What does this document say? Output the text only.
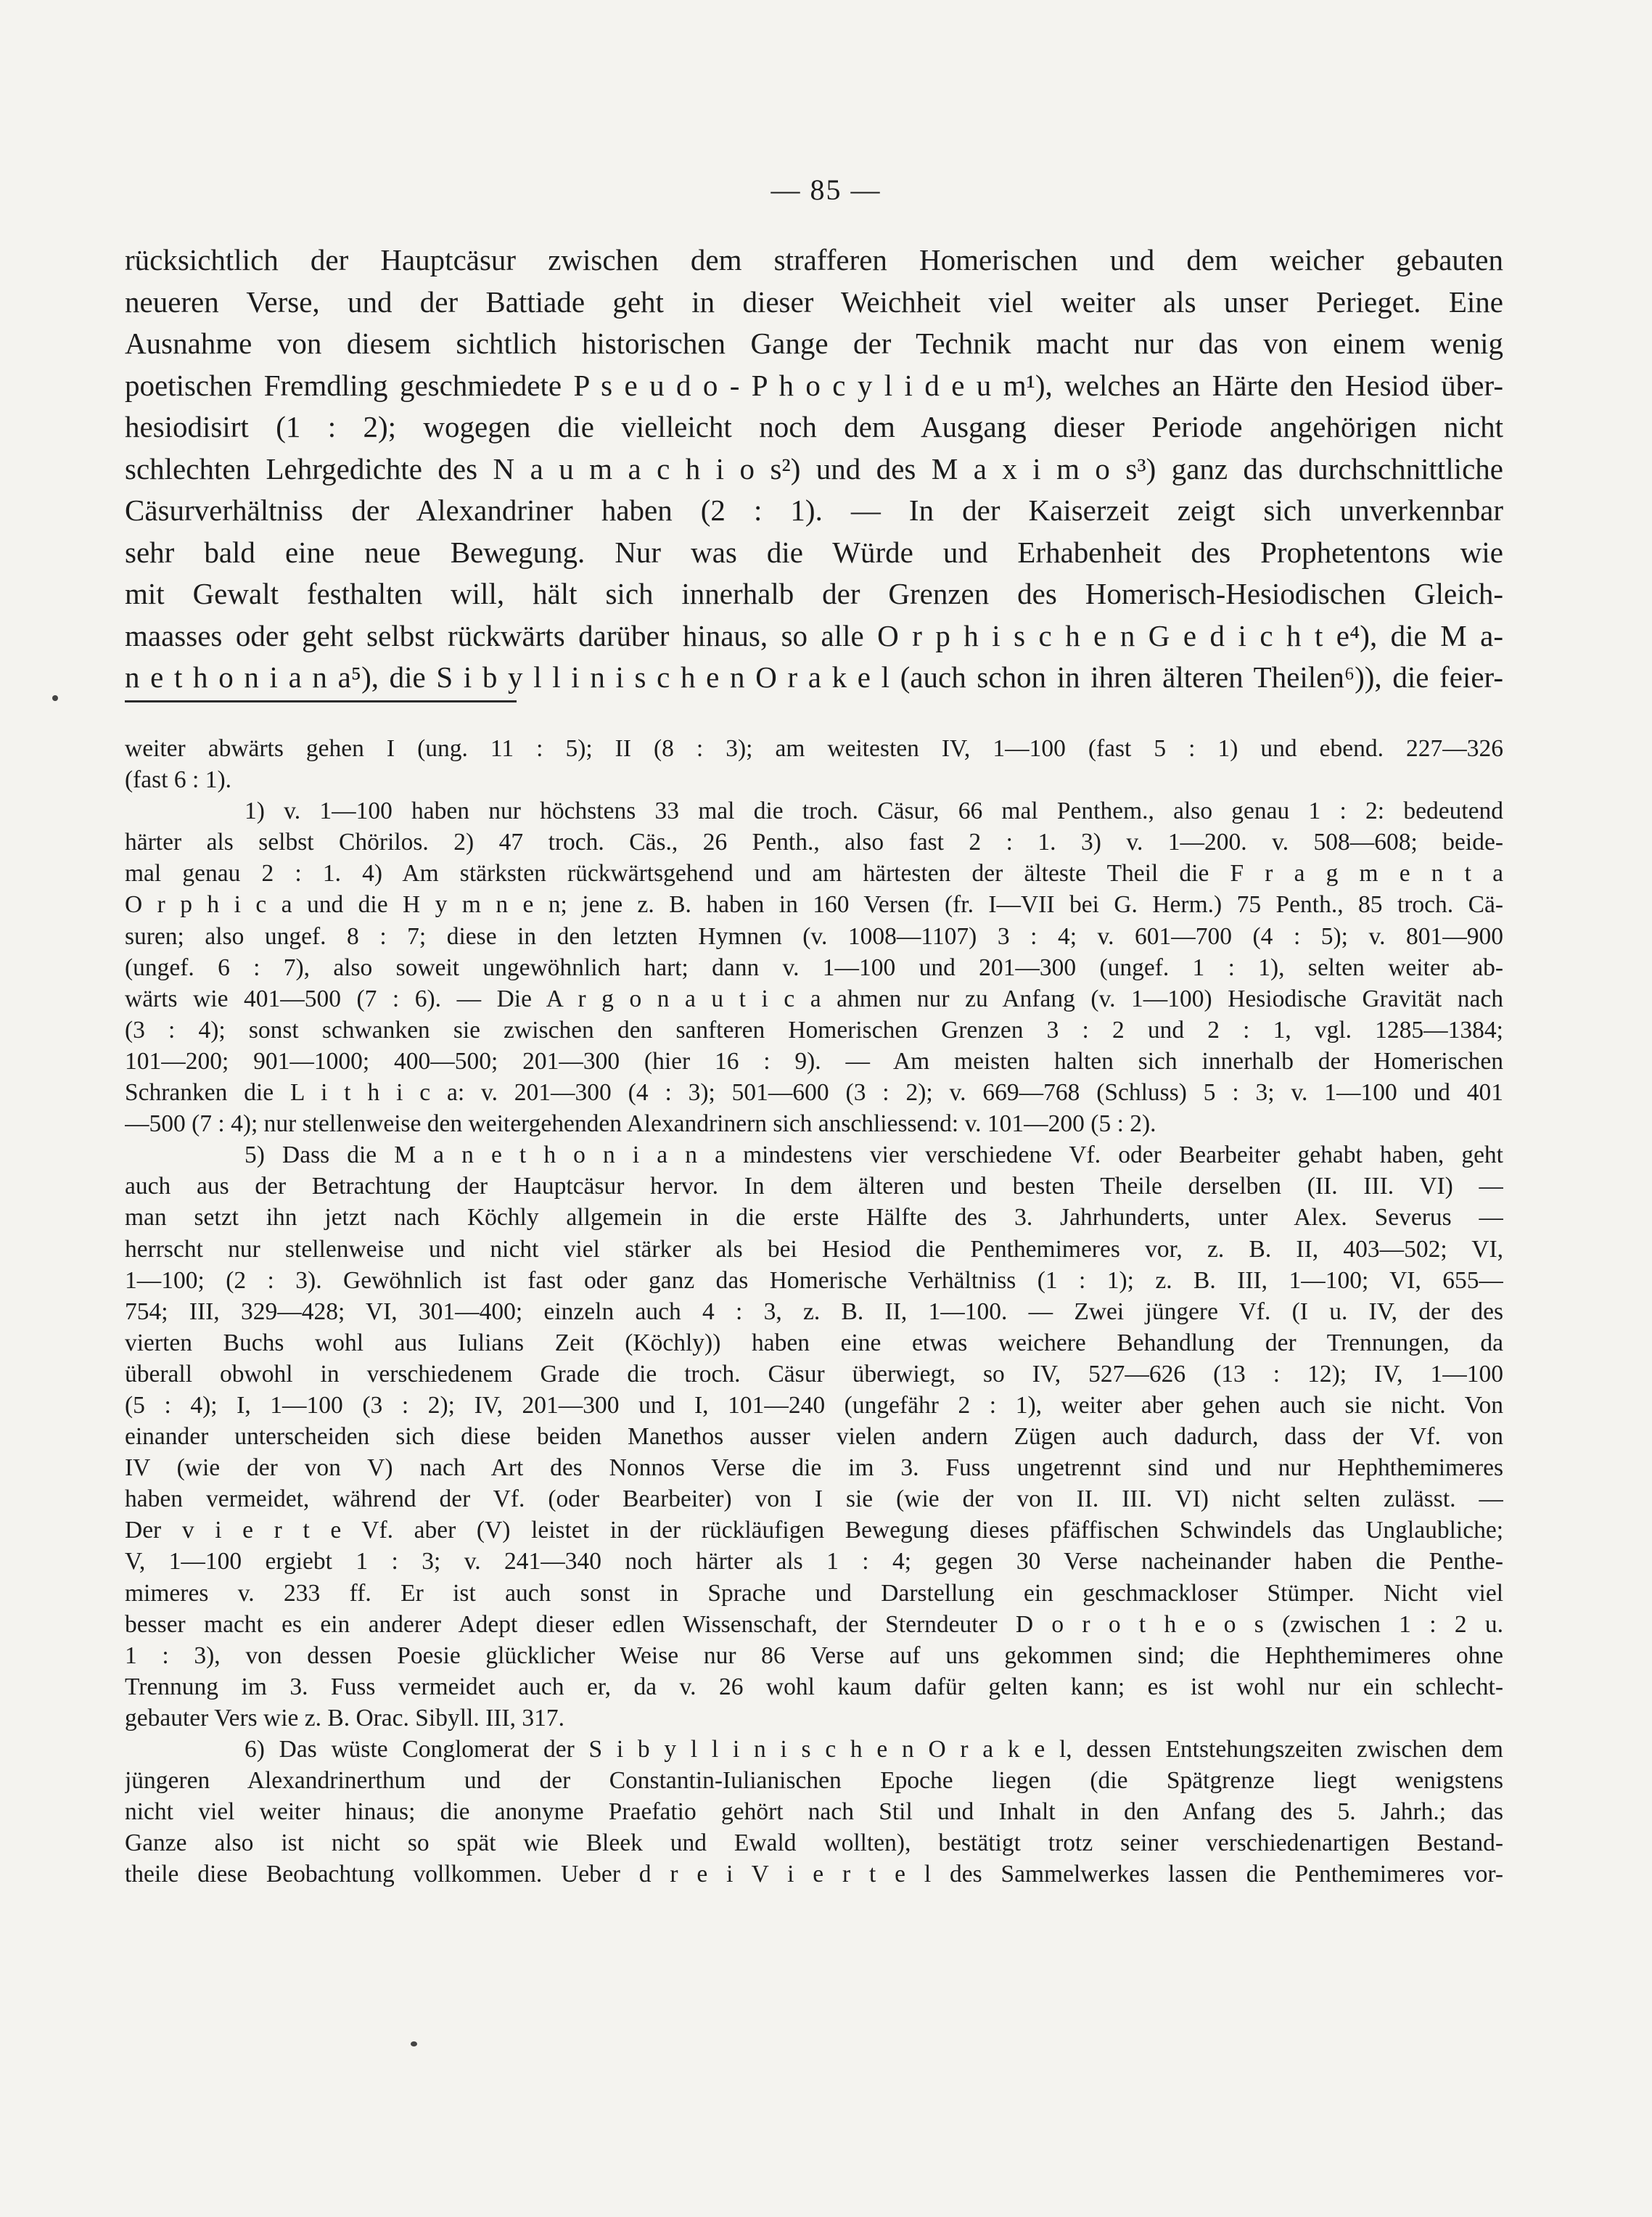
— 85 —
rücksichtlich der Hauptcäsur zwischen dem strafferen Homerischen und dem weicher gebauten
neueren Verse, und der Battiade geht in dieser Weichheit viel weiter als unser Perieget. Eine
Ausnahme von diesem sichtlich historischen Gange der Technik macht nur das von einem wenig
poetischen Fremdling geschmiedete P s e u d o - P h o c y l i d e u m¹), welches an Härte den Hesiod über-
hesiodisirt (1 : 2); wogegen die vielleicht noch dem Ausgang dieser Periode angehörigen nicht
schlechten Lehrgedichte des N a u m a c h i o s²) und des M a x i m o s³) ganz das durchschnittliche
Cäsurverhältniss der Alexandriner haben (2 : 1). — In der Kaiserzeit zeigt sich unverkennbar
sehr bald eine neue Bewegung. Nur was die Würde und Erhabenheit des Prophetentons wie
mit Gewalt festhalten will, hält sich innerhalb der Grenzen des Homerisch-Hesiodischen Gleich-
maasses oder geht selbst rückwärts darüber hinaus, so alle O r p h i s c h e n G e d i c h t e⁴), die M a-
n e t h o n i a n a⁵), die S i b y l l i n i s c h e n O r a k e l (auch schon in ihren älteren Theilen⁶)), die feier-
weiter abwärts gehen I (ung. 11 : 5); II (8 : 3); am weitesten IV, 1—100 (fast 5 : 1) und ebend. 227—326
(fast 6 : 1).
1) v. 1—100 haben nur höchstens 33 mal die troch. Cäsur, 66 mal Penthem., also genau 1 : 2: bedeutend
härter als selbst Chörilos. 2) 47 troch. Cäs., 26 Penth., also fast 2 : 1. 3) v. 1—200. v. 508—608; beide-
mal genau 2 : 1. 4) Am stärksten rückwärtsgehend und am härtesten der älteste Theil die F r a g m e n t a
O r p h i c a und die H y m n e n; jene z. B. haben in 160 Versen (fr. I—VII bei G. Herm.) 75 Penth., 85 troch. Cä-
suren; also ungef. 8 : 7; diese in den letzten Hymnen (v. 1008—1107) 3 : 4; v. 601—700 (4 : 5); v. 801—900
(ungef. 6 : 7), also soweit ungewöhnlich hart; dann v. 1—100 und 201—300 (ungef. 1 : 1), selten weiter ab-
wärts wie 401—500 (7 : 6). — Die A r g o n a u t i c a ahmen nur zu Anfang (v. 1—100) Hesiodische Gravität nach
(3 : 4); sonst schwanken sie zwischen den sanfteren Homerischen Grenzen 3 : 2 und 2 : 1, vgl. 1285—1384;
101—200; 901—1000; 400—500; 201—300 (hier 16 : 9). — Am meisten halten sich innerhalb der Homerischen
Schranken die L i t h i c a: v. 201—300 (4 : 3); 501—600 (3 : 2); v. 669—768 (Schluss) 5 : 3; v. 1—100 und 401
—500 (7 : 4); nur stellenweise den weitergehenden Alexandrinern sich anschliessend: v. 101—200 (5 : 2).
5) Dass die M a n e t h o n i a n a mindestens vier verschiedene Vf. oder Bearbeiter gehabt haben, geht
auch aus der Betrachtung der Hauptcäsur hervor. In dem älteren und besten Theile derselben (II. III. VI) —
man setzt ihn jetzt nach Köchly allgemein in die erste Hälfte des 3. Jahrhunderts, unter Alex. Severus —
herrscht nur stellenweise und nicht viel stärker als bei Hesiod die Penthemimeres vor, z. B. II, 403—502; VI,
1—100; (2 : 3). Gewöhnlich ist fast oder ganz das Homerische Verhältniss (1 : 1); z. B. III, 1—100; VI, 655—
754; III, 329—428; VI, 301—400; einzeln auch 4 : 3, z. B. II, 1—100. — Zwei jüngere Vf. (I u. IV, der des
vierten Buchs wohl aus Iulians Zeit (Köchly)) haben eine etwas weichere Behandlung der Trennungen, da
überall obwohl in verschiedenem Grade die troch. Cäsur überwiegt, so IV, 527—626 (13 : 12); IV, 1—100
(5 : 4); I, 1—100 (3 : 2); IV, 201—300 und I, 101—240 (ungefähr 2 : 1), weiter aber gehen auch sie nicht. Von
einander unterscheiden sich diese beiden Manethos ausser vielen andern Zügen auch dadurch, dass der Vf. von
IV (wie der von V) nach Art des Nonnos Verse die im 3. Fuss ungetrennt sind und nur Hephthemimeres
haben vermeidet, während der Vf. (oder Bearbeiter) von I sie (wie der von II. III. VI) nicht selten zulässt. —
Der v i e r t e Vf. aber (V) leistet in der rückläufigen Bewegung dieses pfäffischen Schwindels das Unglaubliche;
V, 1—100 ergiebt 1 : 3; v. 241—340 noch härter als 1 : 4; gegen 30 Verse nacheinander haben die Penthe-
mimeres v. 233 ff. Er ist auch sonst in Sprache und Darstellung ein geschmackloser Stümper. Nicht viel
besser macht es ein anderer Adept dieser edlen Wissenschaft, der Sterndeuter D o r o t h e o s (zwischen 1 : 2 u.
1 : 3), von dessen Poesie glücklicher Weise nur 86 Verse auf uns gekommen sind; die Hephthemimeres ohne
Trennung im 3. Fuss vermeidet auch er, da v. 26 wohl kaum dafür gelten kann; es ist wohl nur ein schlecht-
gebauter Vers wie z. B. Orac. Sibyll. III, 317.
6) Das wüste Conglomerat der S i b y l l i n i s c h e n O r a k e l, dessen Entstehungszeiten zwischen dem
jüngeren Alexandrinerthum und der Constantin-Iulianischen Epoche liegen (die Spätgrenze liegt wenigstens
nicht viel weiter hinaus; die anonyme Praefatio gehört nach Stil und Inhalt in den Anfang des 5. Jahrh.; das
Ganze also ist nicht so spät wie Bleek und Ewald wollten), bestätigt trotz seiner verschiedenartigen Bestand-
theile diese Beobachtung vollkommen. Ueber d r e i V i e r t e l des Sammelwerkes lassen die Penthemimeres vor-
